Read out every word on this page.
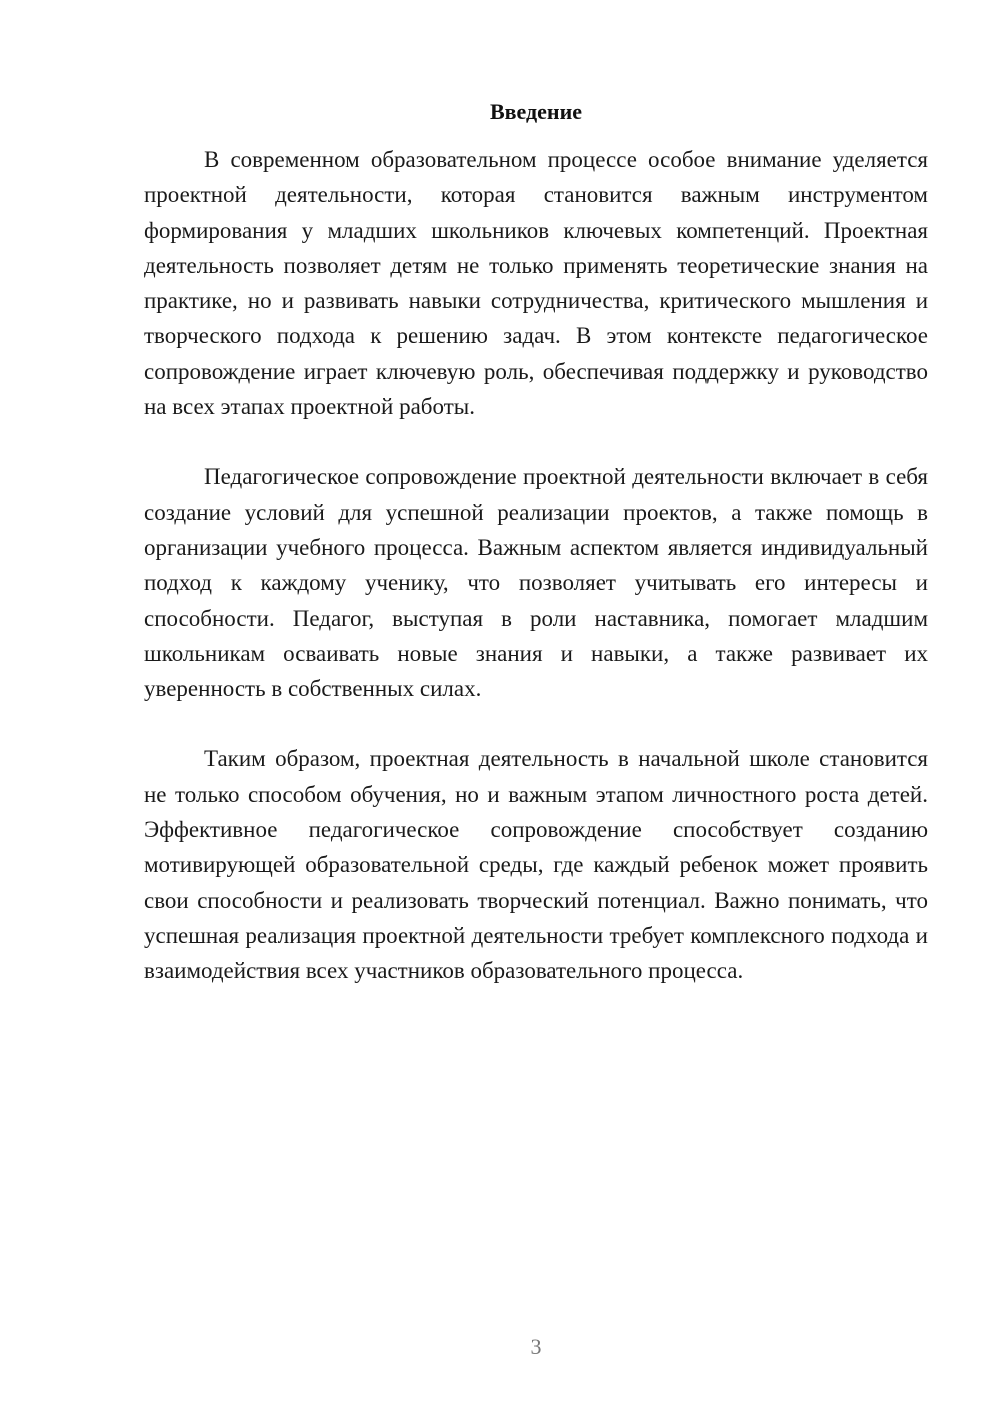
Введение

В современном образовательном процессе особое внимание уделяется проектной деятельности, которая становится важным инструментом формирования у младших школьников ключевых компетенций. Проектная деятельность позволяет детям не только применять теоретические знания на практике, но и развивать навыки сотрудничества, критического мышления и творческого подхода к решению задач. В этом контексте педагогическое сопровождение играет ключевую роль, обеспечивая поддержку и руководство на всех этапах проектной работы.

Педагогическое сопровождение проектной деятельности включает в себя создание условий для успешной реализации проектов, а также помощь в организации учебного процесса. Важным аспектом является индивидуальный подход к каждому ученику, что позволяет учитывать его интересы и способности. Педагог, выступая в роли наставника, помогает младшим школьникам осваивать новые знания и навыки, а также развивает их уверенность в собственных силах.

Таким образом, проектная деятельность в начальной школе становится не только способом обучения, но и важным этапом личностного роста детей. Эффективное педагогическое сопровождение способствует созданию мотивирующей образовательной среды, где каждый ребенок может проявить свои способности и реализовать творческий потенциал. Важно понимать, что успешная реализация проектной деятельности требует комплексного подхода и взаимодействия всех участников образовательного процесса.

3
